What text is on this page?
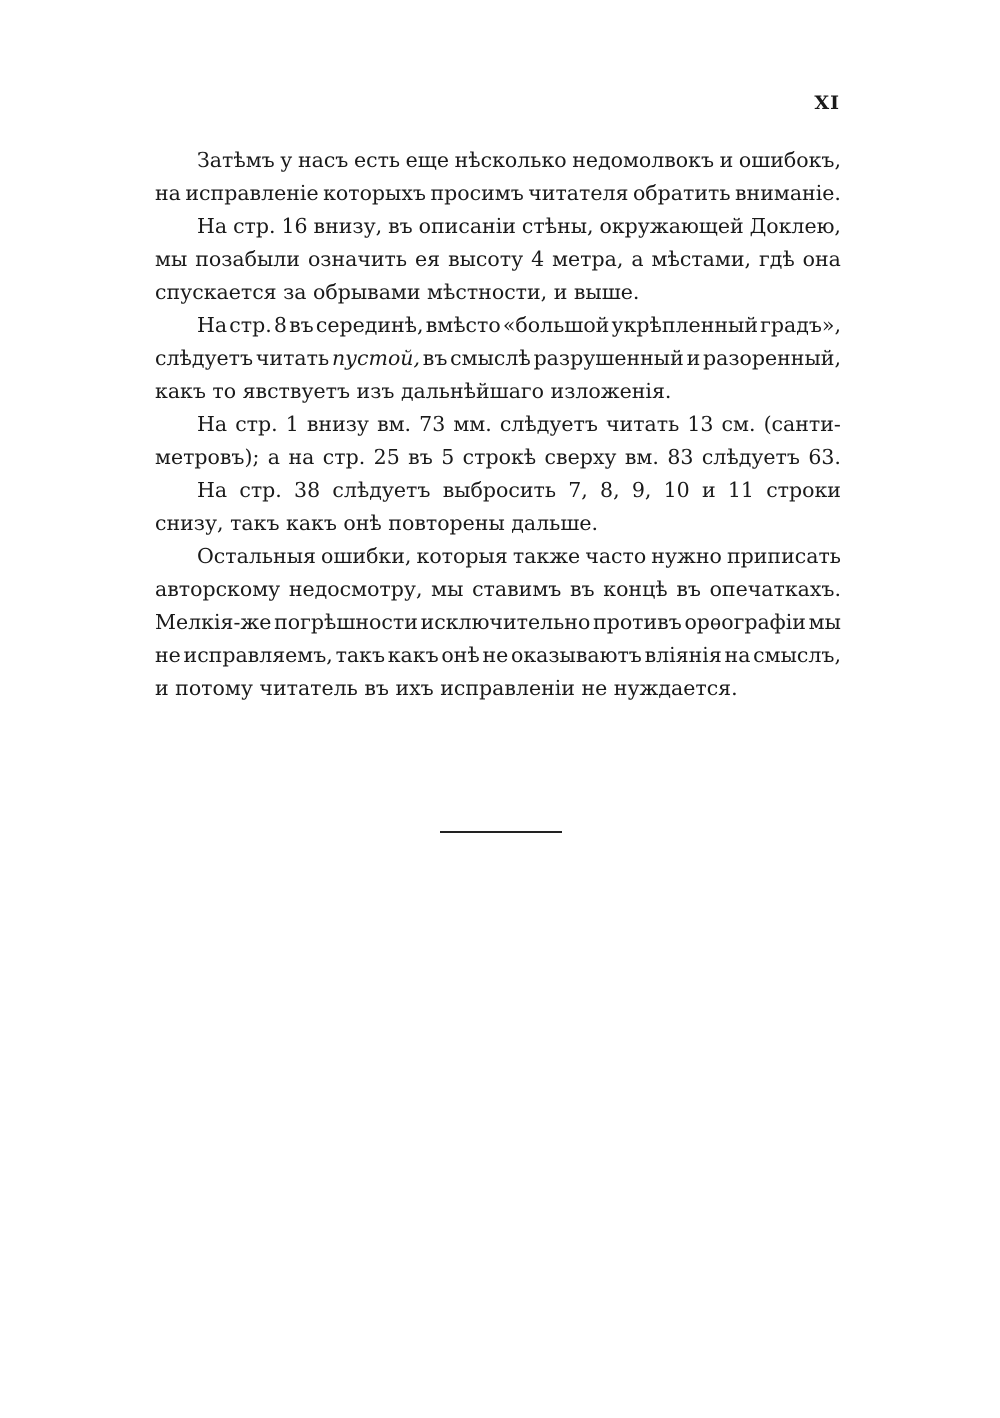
XI
Затѣмъ у насъ есть еще нѣсколько недомолвокъ и ошибокъ,
на исправленіе которыхъ просимъ читателя обратить вниманіе.
На стр. 16 внизу, въ описаніи стѣны, окружающей Доклею,
мы позабыли означить ея высоту 4 метра, а мѣстами, гдѣ она
спускается за обрывами мѣстности, и выше.
На стр. 8 въ серединѣ, вмѣсто «большой укрѣпленный градъ»,
слѣдуетъ читать пустой, въ смыслѣ разрушенный и разоренный,
какъ то явствуетъ изъ дальнѣйшаго изложенія.
На стр. 1 внизу вм. 73 мм. слѣдуетъ читать 13 см. (санти-
метровъ); а на стр. 25 въ 5 строкѣ сверху вм. 83 слѣдуетъ 63.
На стр. 38 слѣдуетъ выбросить 7, 8, 9, 10 и 11 строки
снизу, такъ какъ онѣ повторены дальше.
Остальныя ошибки, которыя также часто нужно приписать
авторскому недосмотру, мы ставимъ въ концѣ въ опечаткахъ.
Мелкія-же погрѣшности исключительно противъ орѳографіи мы
не исправляемъ, такъ какъ онѣ не оказываютъ вліянія на смыслъ,
и потому читатель въ ихъ исправленіи не нуждается.
